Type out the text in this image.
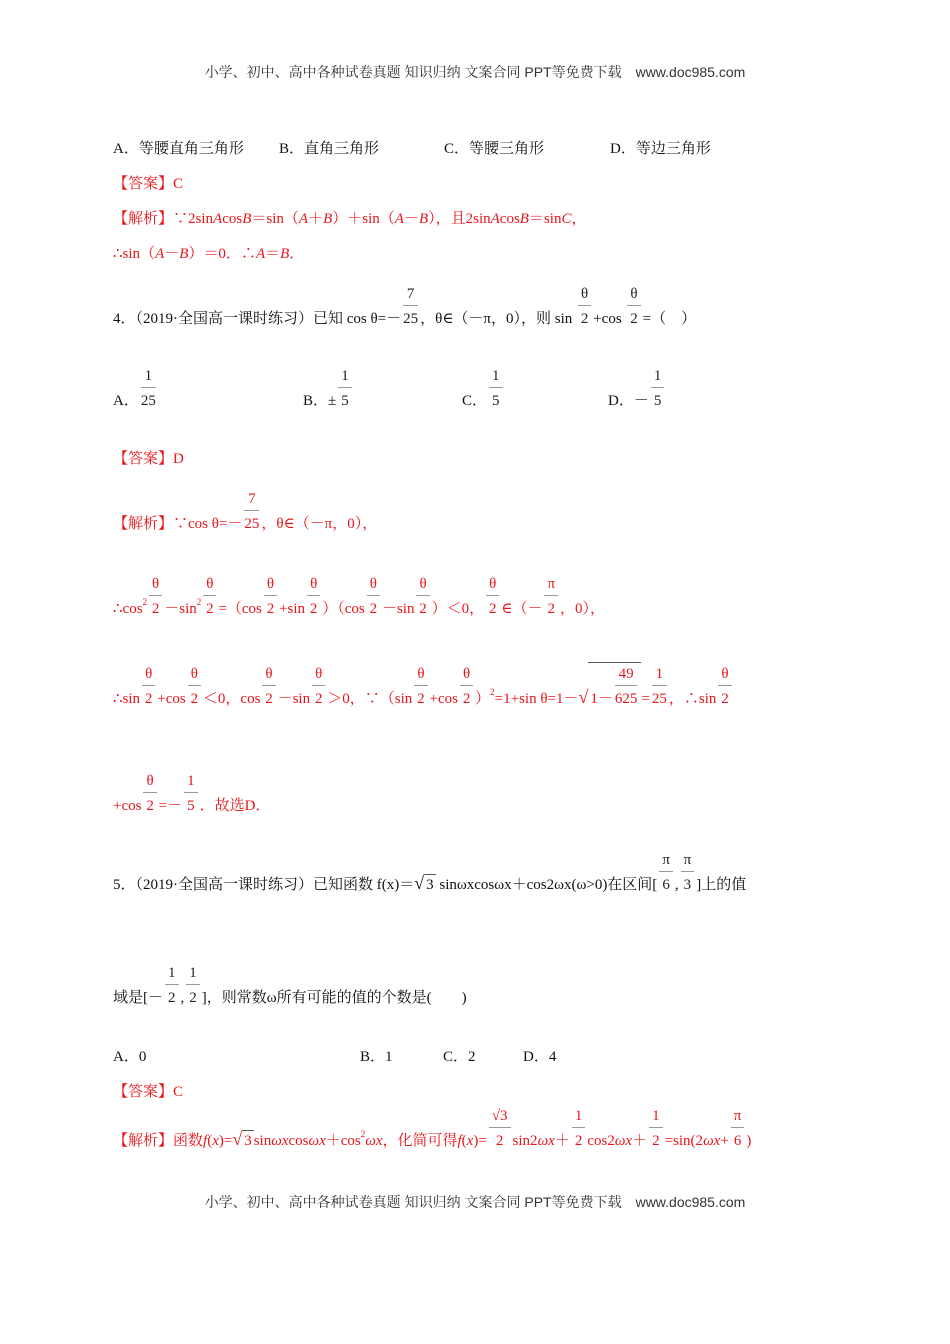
小学、初中、高中各种试卷真题 知识归纳 文案合同 PPT等免费下载　www.doc985.com
A．等腰直角三角形 B．直角三角形	C．等腰三角形	D．等边三角形
【答案】C
【解析】∵2sinAcosB＝sin（A＋B）＋sin（A－B），且2sinAcosB＝sinC，
∴sin（A－B）＝0．∴A＝B．
4．（2019·全国高一课时练习）已知 $\cos \theta=- \frac{7}{25}$ ，θ∈（－π，0），则 $\sin \frac{\theta}{2} +\cos \frac{\theta}{2}$ =（　）
A． $\frac{1}{25}$	B．± $\frac{1}{5}$	C． $\frac{1}{5}$	D．－ $\frac{1}{5}$
【答案】D
【解析】∵cos $\theta=- \frac{7}{25}$ ，θ∈（－π，0），
$\therefore\cos^2 \frac{\theta}{2} -\sin^2 \frac{\theta}{2} =(\cos \frac{\theta}{2} +\sin \frac{\theta}{2} )(\cos \frac{\theta}{2} -\sin \frac{\theta}{2} )<0$， $\frac{\theta}{2}$ ∈（－ $\frac{\pi}{2}$ ，0），
∴sin $\frac{\theta}{2} +\cos \frac{\theta}{2} <0$，$\cos \frac{\theta}{2} -\sin \frac{\theta}{2} >0$，∵（sin $\frac{\theta}{2} +\cos \frac{\theta}{2} )^2=1+\sin$ θ=1－√ $1- \frac{49}{625} = \frac{1}{25}$ ，∴sin $\frac{\theta}{2}$
$+\cos \frac{\theta}{2} =- \frac{1}{5}$ ．故选D．
5．（2019·全国高一课时练习）已知函数 f(x)＝√ 3 sinωxcosωx＋cos2ωx(ω>0)在区间[ $\frac{\pi}{6}$ , $\frac{\pi}{3}$ ]上的值
域是[－ $\frac{1}{2}$ , $\frac{1}{2}$ ]，则常数ω所有可能的值的个数是(　　)
A．0	B．1	C．2	D．4
【答案】C
【解析】函数f(x)=√ 3 $\sin\omega xcos\omega x+\cos^2\omega x$，化简可得$f(x)= \frac{√3}{2} \sin 2\omega x+ \frac{1}{2} \cos 2\omega x+ \frac{1}{2} =\sin(2\omega x+ \frac{\pi}{6}$ )
小学、初中、高中各种试卷真题 知识归纳 文案合同 PPT等免费下载　www.doc985.com
